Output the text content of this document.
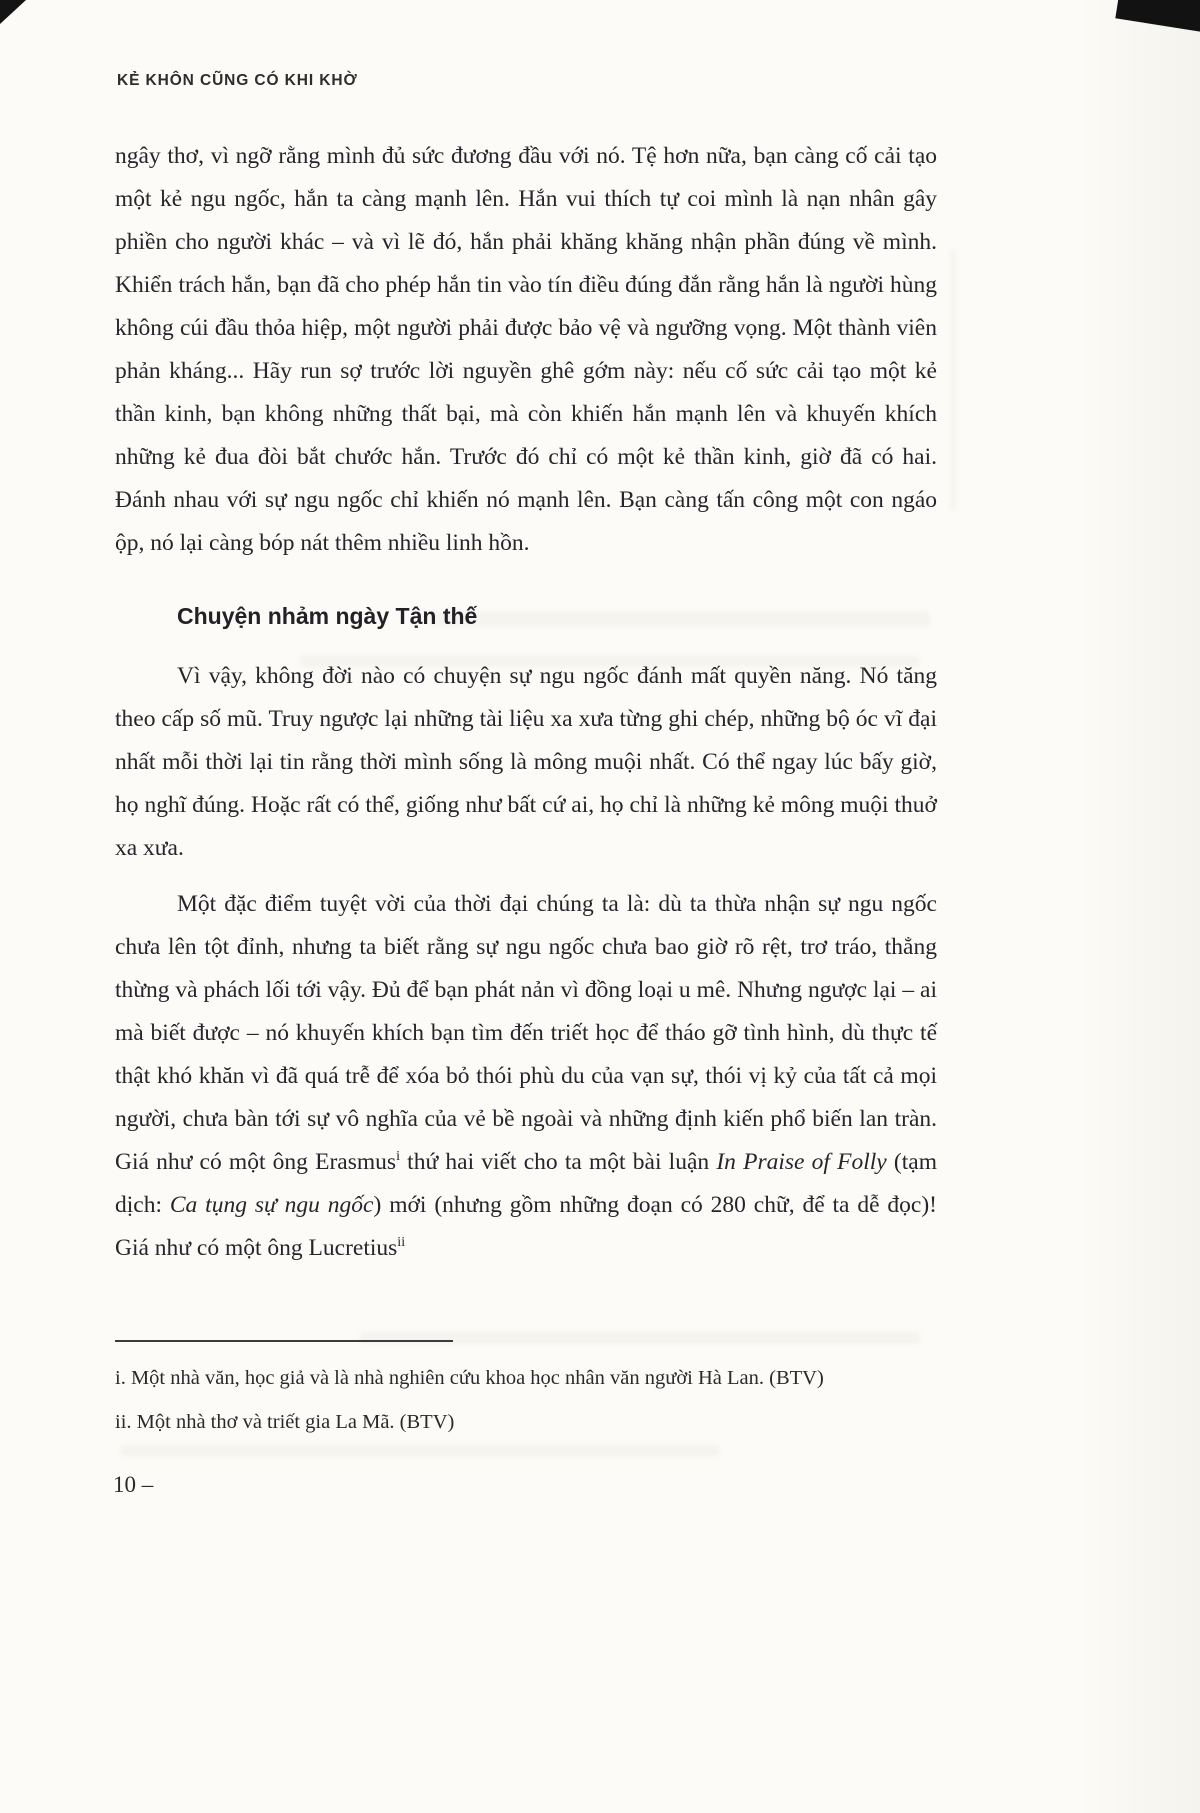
KẺ KHÔN CŨNG CÓ KHI KHỜ

ngây thơ, vì ngỡ rằng mình đủ sức đương đầu với nó. Tệ hơn nữa, bạn càng cố cải tạo một kẻ ngu ngốc, hắn ta càng mạnh lên. Hắn vui thích tự coi mình là nạn nhân gây phiền cho người khác – và vì lẽ đó, hắn phải khăng khăng nhận phần đúng về mình. Khiển trách hắn, bạn đã cho phép hắn tin vào tín điều đúng đắn rằng hắn là người hùng không cúi đầu thỏa hiệp, một người phải được bảo vệ và ngưỡng vọng. Một thành viên phản kháng... Hãy run sợ trước lời nguyền ghê gớm này: nếu cố sức cải tạo một kẻ thần kinh, bạn không những thất bại, mà còn khiến hắn mạnh lên và khuyến khích những kẻ đua đòi bắt chước hắn. Trước đó chỉ có một kẻ thần kinh, giờ đã có hai. Đánh nhau với sự ngu ngốc chỉ khiến nó mạnh lên. Bạn càng tấn công một con ngáo ộp, nó lại càng bóp nát thêm nhiều linh hồn.

Chuyện nhảm ngày Tận thế

Vì vậy, không đời nào có chuyện sự ngu ngốc đánh mất quyền năng. Nó tăng theo cấp số mũ. Truy ngược lại những tài liệu xa xưa từng ghi chép, những bộ óc vĩ đại nhất mỗi thời lại tin rằng thời mình sống là mông muội nhất. Có thể ngay lúc bấy giờ, họ nghĩ đúng. Hoặc rất có thể, giống như bất cứ ai, họ chỉ là những kẻ mông muội thuở xa xưa.

Một đặc điểm tuyệt vời của thời đại chúng ta là: dù ta thừa nhận sự ngu ngốc chưa lên tột đỉnh, nhưng ta biết rằng sự ngu ngốc chưa bao giờ rõ rệt, trơ tráo, thẳng thừng và phách lối tới vậy. Đủ để bạn phát nản vì đồng loại u mê. Nhưng ngược lại – ai mà biết được – nó khuyến khích bạn tìm đến triết học để tháo gỡ tình hình, dù thực tế thật khó khăn vì đã quá trễ để xóa bỏ thói phù du của vạn sự, thói vị kỷ của tất cả mọi người, chưa bàn tới sự vô nghĩa của vẻ bề ngoài và những định kiến phổ biến lan tràn. Giá như có một ông Erasmus$^i$ thứ hai viết cho ta một bài luận In Praise of Folly (tạm dịch: Ca tụng sự ngu ngốc) mới (nhưng gồm những đoạn có 280 chữ, để ta dễ đọc)! Giá như có một ông Lucretius$^{ii}$

i. Một nhà văn, học giả và là nhà nghiên cứu khoa học nhân văn người Hà Lan. (BTV)

ii. Một nhà thơ và triết gia La Mã. (BTV)

10 –
